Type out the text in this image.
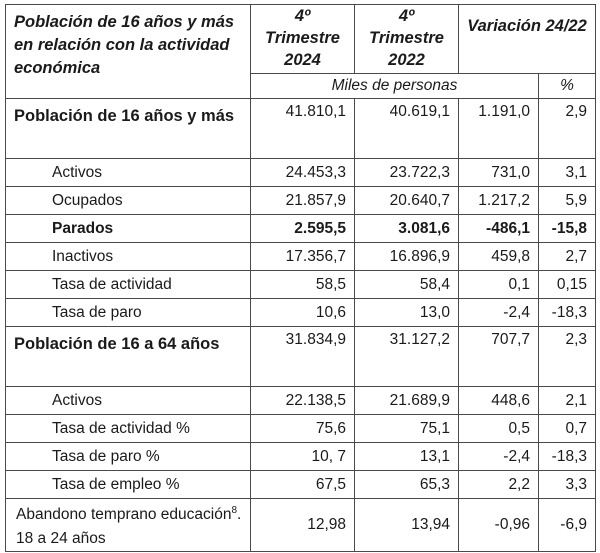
Población de 16 años y más en relación con la actividad económica	4º Trimestre 2024	4º Trimestre 2022	Variación 24/22	
	Miles de personas			%
Población de 16 años y más	41.810,1	40.619,1	1.191,0	2,9
Activos	24.453,3	23.722,3	731,0	3,1
Ocupados	21.857,9	20.640,7	1.217,2	5,9
Parados	2.595,5	3.081,6	-486,1	-15,8
Inactivos	17.356,7	16.896,9	459,8	2,7
Tasa de actividad	58,5	58,4	0,1	0,15
Tasa de paro	10,6	13,0	-2,4	-18,3
Población de 16 a 64 años	31.834,9	31.127,2	707,7	2,3
Activos	22.138,5	21.689,9	448,6	2,1
Tasa de actividad %	75,6	75,1	0,5	0,7
Tasa de paro %	10, 7	13,1	-2,4	-18,3
Tasa de empleo %	67,5	65,3	2,2	3,3
Abandono temprano educación$^8$. 18 a 24 años	12,98	13,94	-0,96	-6,9
